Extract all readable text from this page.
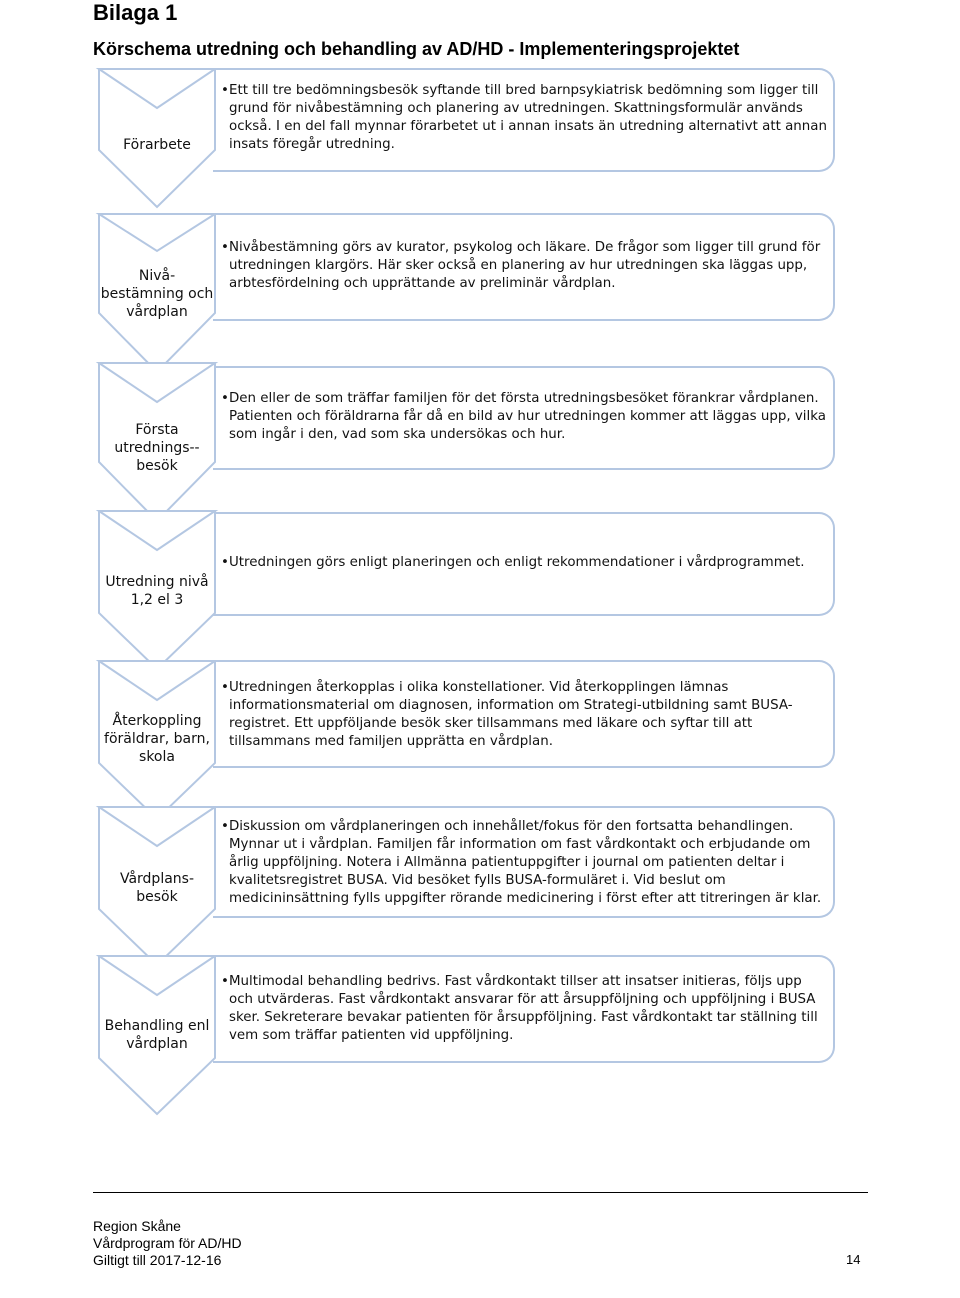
Bilaga 1
Körschema utredning och behandling av AD/HD - Implementeringsprojektet
• Ett till tre bedömningsbesök syftande till bred barnpsykiatrisk bedömning som ligger till grund för nivåbestämning och planering av utredningen. Skattningsformulär används också. I en del fall mynnar förarbetet ut i annan insats än utredning alternativt att annan insats föregår utredning.
Förarbete
• Nivåbestämning görs av kurator, psykolog och läkare. De frågor som ligger till grund för utredningen klargörs. Här sker också en planering av hur utredningen ska läggas upp, arbtesfördelning och upprättande av preliminär vårdplan.
Nivå-bestämning och vårdplan
• Den eller de som träffar familjen för det första utredningsbesöket förankrar vårdplanen. Patienten och föräldrarna får då en bild av hur utredningen kommer att läggas upp, vilka som ingår i den, vad som ska undersökas och hur.
Första utrednings--besök
• Utredningen görs enligt planeringen och enligt rekommendationer i vårdprogrammet.
Utredning nivå 1,2 el 3
• Utredningen återkopplas i olika konstellationer. Vid återkopplingen lämnas informationsmaterial om diagnosen, information om Strategi-utbildning samt BUSA-registret. Ett uppföljande besök sker tillsammans med läkare och syftar till att tillsammans med familjen upprätta en vårdplan.
Återkoppling föräldrar, barn, skola
• Diskussion om vårdplaneringen och innehållet/fokus för den fortsatta behandlingen. Mynnar ut i vårdplan. Familjen får information om fast vårdkontakt och erbjudande om årlig uppföljning. Notera i Allmänna patientuppgifter i journal om patienten deltar i kvalitetsregistret BUSA. Vid besöket fylls BUSA-formuläret i. Vid beslut om medicininsättning fylls uppgifter rörande medicinering i först efter att titreringen är klar.
Vårdplans-besök
• Multimodal behandling bedrivs. Fast vårdkontakt tillser att insatser initieras, följs upp och utvärderas. Fast vårdkontakt ansvarar för att årsuppföljning och uppföljning i BUSA sker. Sekreterare bevakar patienten för årsuppföljning. Fast vårdkontakt tar ställning till vem som träffar patienten vid uppföljning.
Behandling enl vårdplan
Region Skåne
Vårdprogram för AD/HD
Giltigt till 2017-12-16	14
